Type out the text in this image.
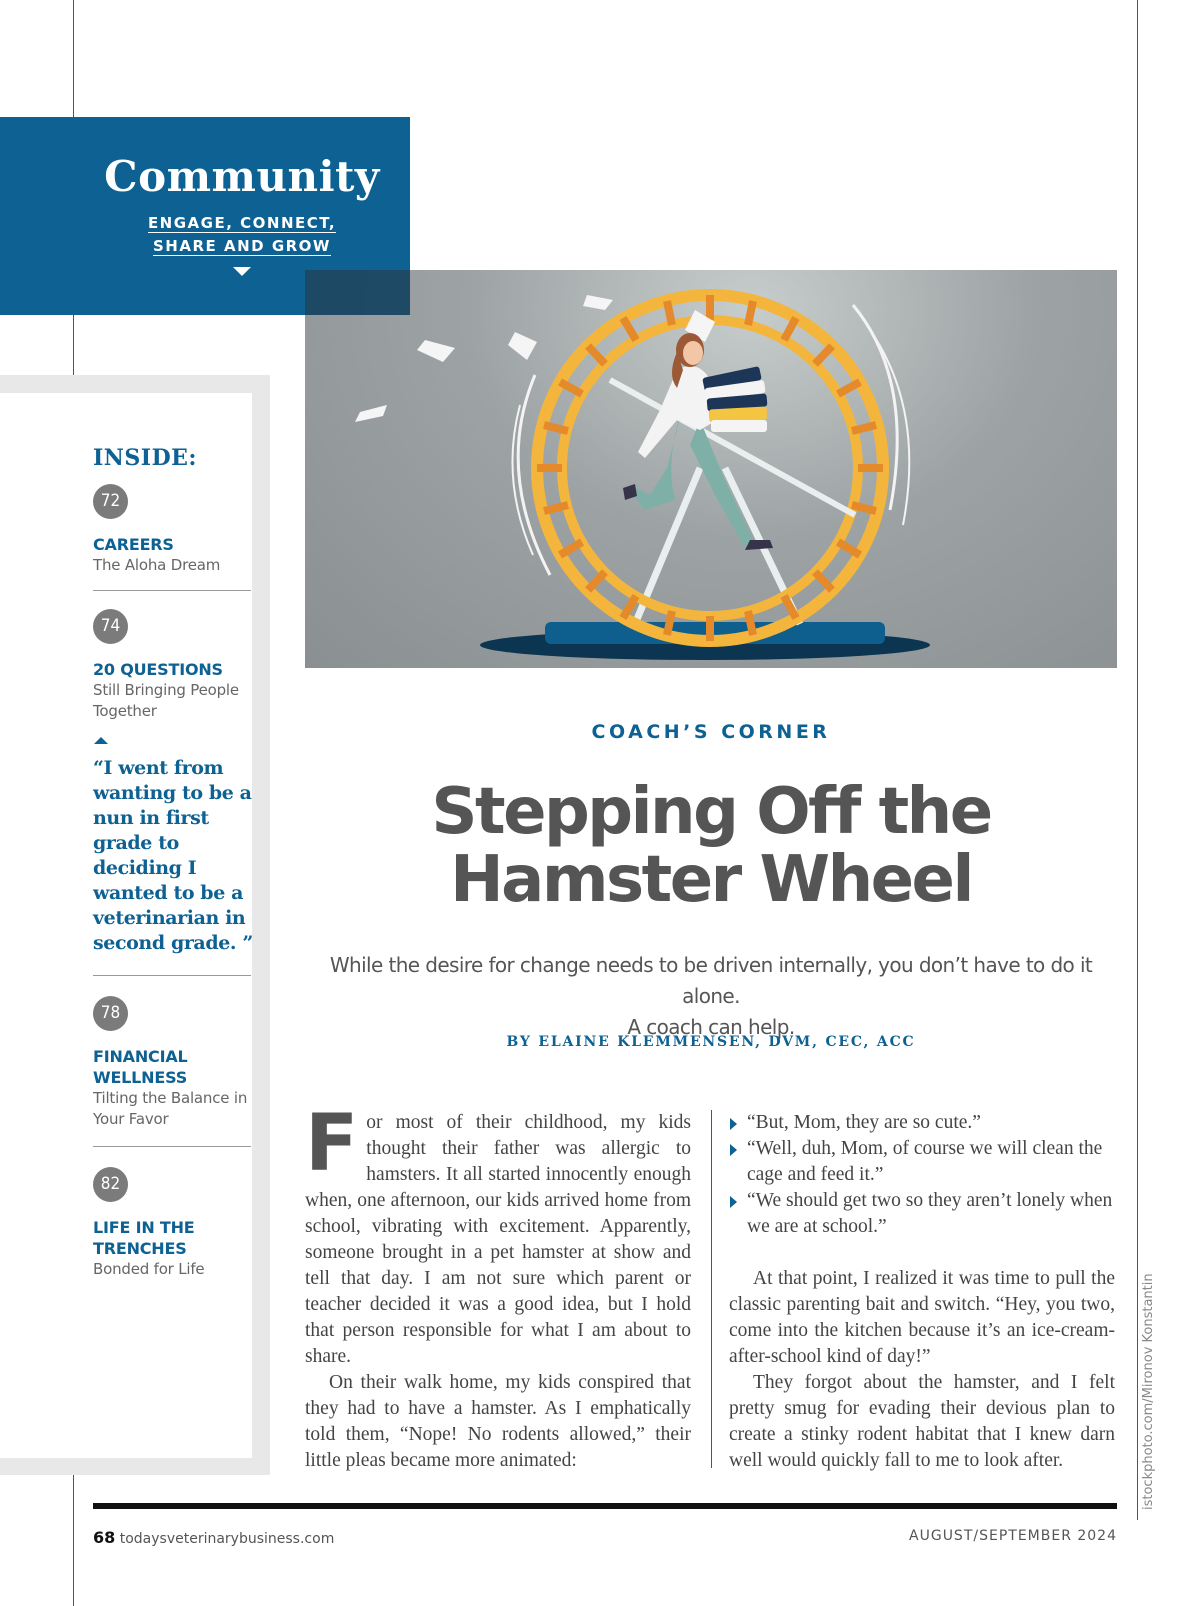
Community
ENGAGE, CONNECT,
SHARE AND GROW
INSIDE:
72
CAREERS
The Aloha Dream
74
20 QUESTIONS
Still Bringing People Together
“I went from wanting to be a nun in first grade to deciding I wanted to be a veterinarian in second grade. ”
78
FINANCIAL WELLNESS
Tilting the Balance in Your Favor
82
LIFE IN THE TRENCHES
Bonded for Life
COACH’S CORNER
Stepping Off the
Hamster Wheel
While the desire for change needs to be driven internally, you don’t have to do it alone.
A coach can help.
BY ELAINE KLEMMENSEN, DVM, CEC, ACC

For most of their childhood, my kids thought their father was allergic to hamsters. It all started innocently enough when, one afternoon, our kids arrived home from school, vibrating with excitement. Apparently, someone brought in a pet hamster at show and tell that day. I am not sure which parent or teacher decided it was a good idea, but I hold that person responsible for what I am about to share.

On their walk home, my kids conspired that they had to have a hamster. As I emphatically told them, “Nope! No rodents allowed,” their little pleas became more animated:

“But, Mom, they are so cute.”

“Well, duh, Mom, of course we will clean the cage and feed it.”

“We should get two so they aren’t lonely when we are at school.”

At that point, I realized it was time to pull the classic parenting bait and switch. “Hey, you two, come into the kitchen because it’s an ice-cream-after-school kind of day!”

They forgot about the hamster, and I felt pretty smug for evading their devious plan to create a stinky rodent habitat that I knew darn well would quickly fall to me to look after.	istockphoto.com/Mironov Konstantin
68 todaysveterinarybusiness.com	AUGUST/SEPTEMBER 2024
